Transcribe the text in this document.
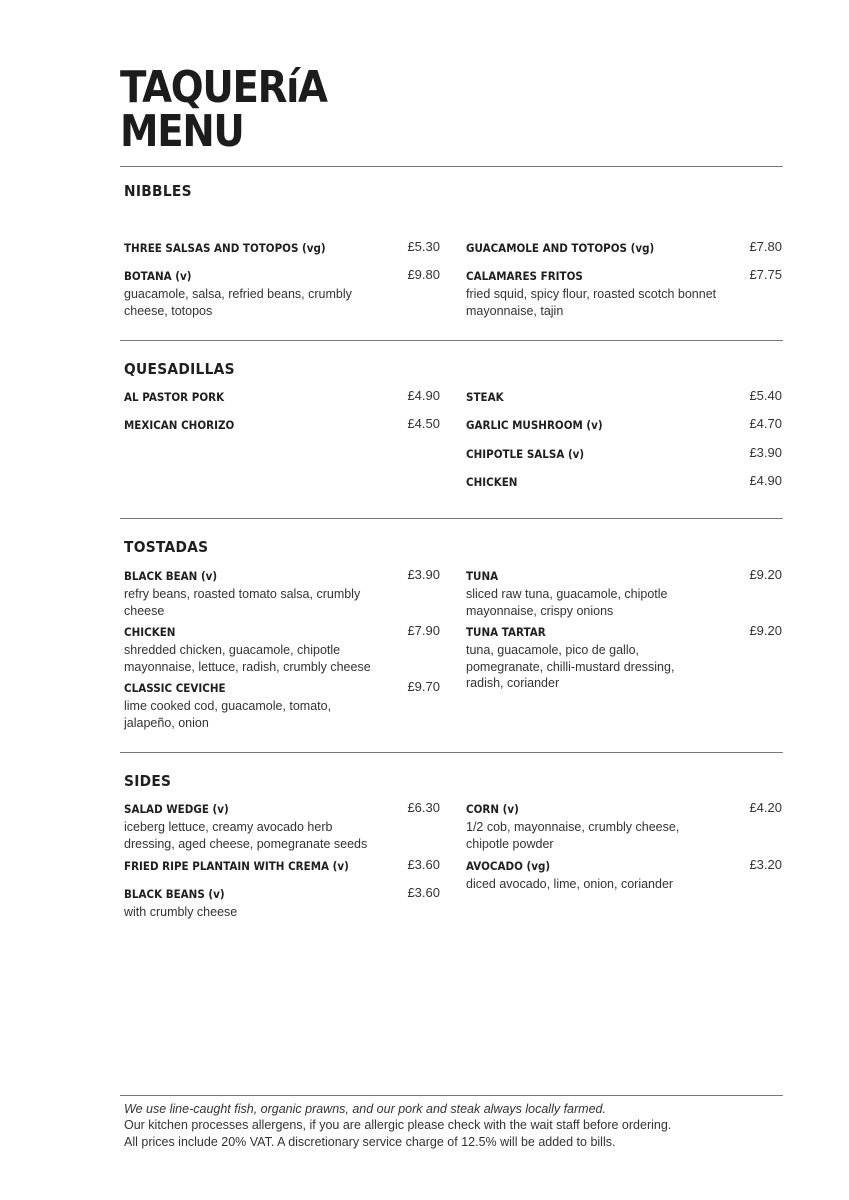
TAQUERíA
MENU
NIBBLES
THREE SALSAS AND TOTOPOS (vg)	£5.30
BOTANA (v)	£9.80
guacamole, salsa, refried beans, crumbly cheese, totopos
GUACAMOLE AND TOTOPOS (vg)	£7.80
CALAMARES FRITOS	£7.75
fried squid, spicy flour, roasted scotch bonnet mayonnaise, tajin
QUESADILLAS
AL PASTOR PORK	£4.90
MEXICAN CHORIZO	£4.50
STEAK	£5.40
GARLIC MUSHROOM (v)	£4.70
CHIPOTLE SALSA (v)	£3.90
CHICKEN	£4.90
TOSTADAS
BLACK BEAN (v)	£3.90
refry beans, roasted tomato salsa, crumbly cheese
CHICKEN	£7.90
shredded chicken, guacamole, chipotle mayonnaise, lettuce, radish, crumbly cheese
CLASSIC CEVICHE	£9.70
lime cooked cod, guacamole, tomato, jalapeño, onion
TUNA	£9.20
sliced raw tuna, guacamole, chipotle mayonnaise, crispy onions
TUNA TARTAR	£9.20
tuna, guacamole, pico de gallo, pomegranate, chilli-mustard dressing, radish, coriander
SIDES
SALAD WEDGE (v)	£6.30
iceberg lettuce, creamy avocado herb dressing, aged cheese, pomegranate seeds
FRIED RIPE PLANTAIN WITH CREMA (v)	£3.60
BLACK BEANS (v)	£3.60
with crumbly cheese
CORN (v)	£4.20
1/2 cob, mayonnaise, crumbly cheese, chipotle powder
AVOCADO (vg)	£3.20
diced avocado, lime, onion, coriander
We use line-caught fish, organic prawns, and our pork and steak always locally farmed.
Our kitchen processes allergens, if you are allergic please check with the wait staff before ordering.
All prices include 20% VAT. A discretionary service charge of 12.5% will be added to bills.
